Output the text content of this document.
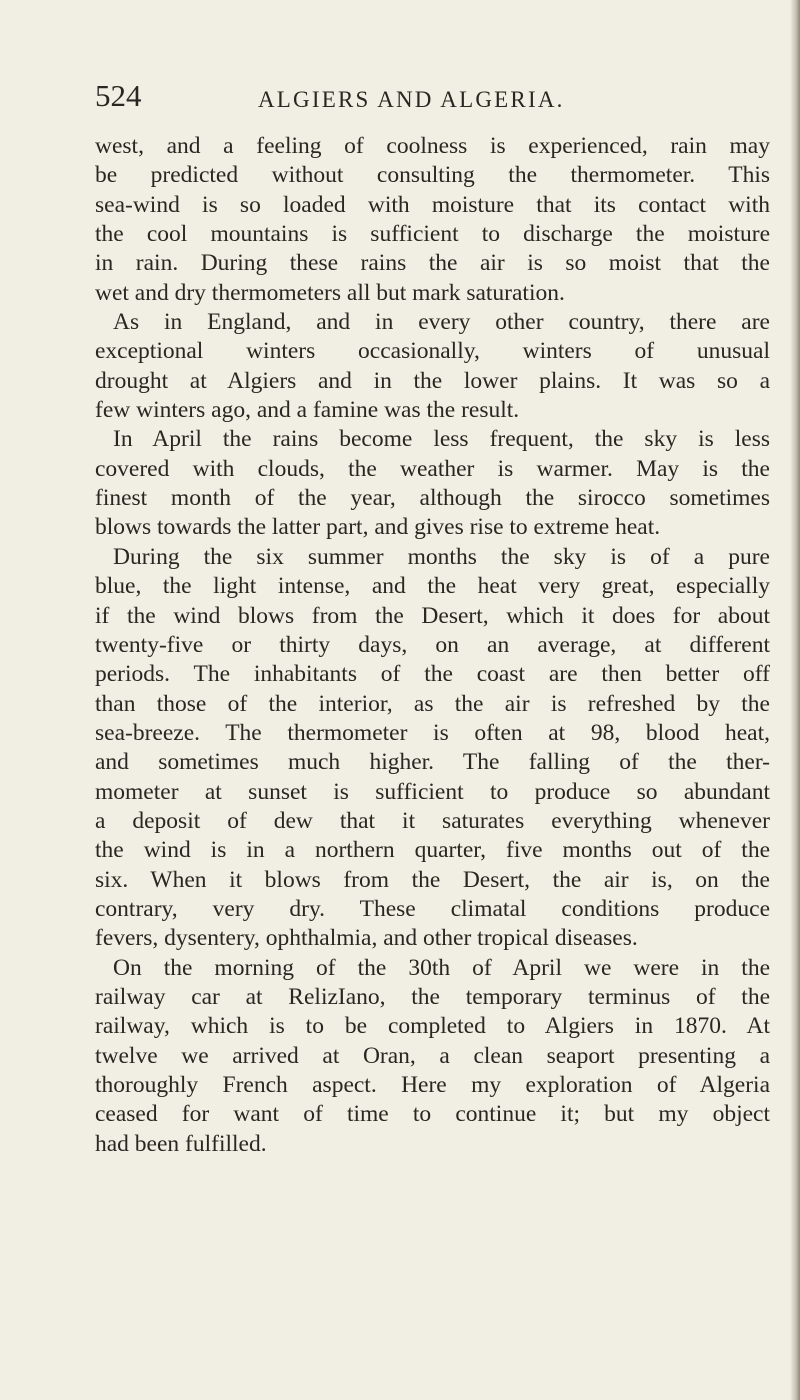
524	ALGIERS AND ALGERIA.
west, and a feeling of coolness is experienced, rain may
be predicted without consulting the thermometer. This
sea-wind is so loaded with moisture that its contact with
the cool mountains is sufficient to discharge the moisture
in rain. During these rains the air is so moist that the
wet and dry thermometers all but mark saturation.
As in England, and in every other country, there are
exceptional winters occasionally, winters of unusual
drought at Algiers and in the lower plains. It was so a
few winters ago, and a famine was the result.
In April the rains become less frequent, the sky is less
covered with clouds, the weather is warmer. May is the
finest month of the year, although the sirocco sometimes
blows towards the latter part, and gives rise to extreme heat.
During the six summer months the sky is of a pure
blue, the light intense, and the heat very great, especially
if the wind blows from the Desert, which it does for about
twenty-five or thirty days, on an average, at different
periods. The inhabitants of the coast are then better off
than those of the interior, as the air is refreshed by the
sea-breeze. The thermometer is often at 98, blood heat,
and sometimes much higher. The falling of the ther-
mometer at sunset is sufficient to produce so abundant
a deposit of dew that it saturates everything whenever
the wind is in a northern quarter, five months out of the
six. When it blows from the Desert, the air is, on the
contrary, very dry. These climatal conditions produce
fevers, dysentery, ophthalmia, and other tropical diseases.
On the morning of the 30th of April we were in the
railway car at RelizIano, the temporary terminus of the
railway, which is to be completed to Algiers in 1870. At
twelve we arrived at Oran, a clean seaport presenting a
thoroughly French aspect. Here my exploration of Algeria
ceased for want of time to continue it; but my object
had been fulfilled.
